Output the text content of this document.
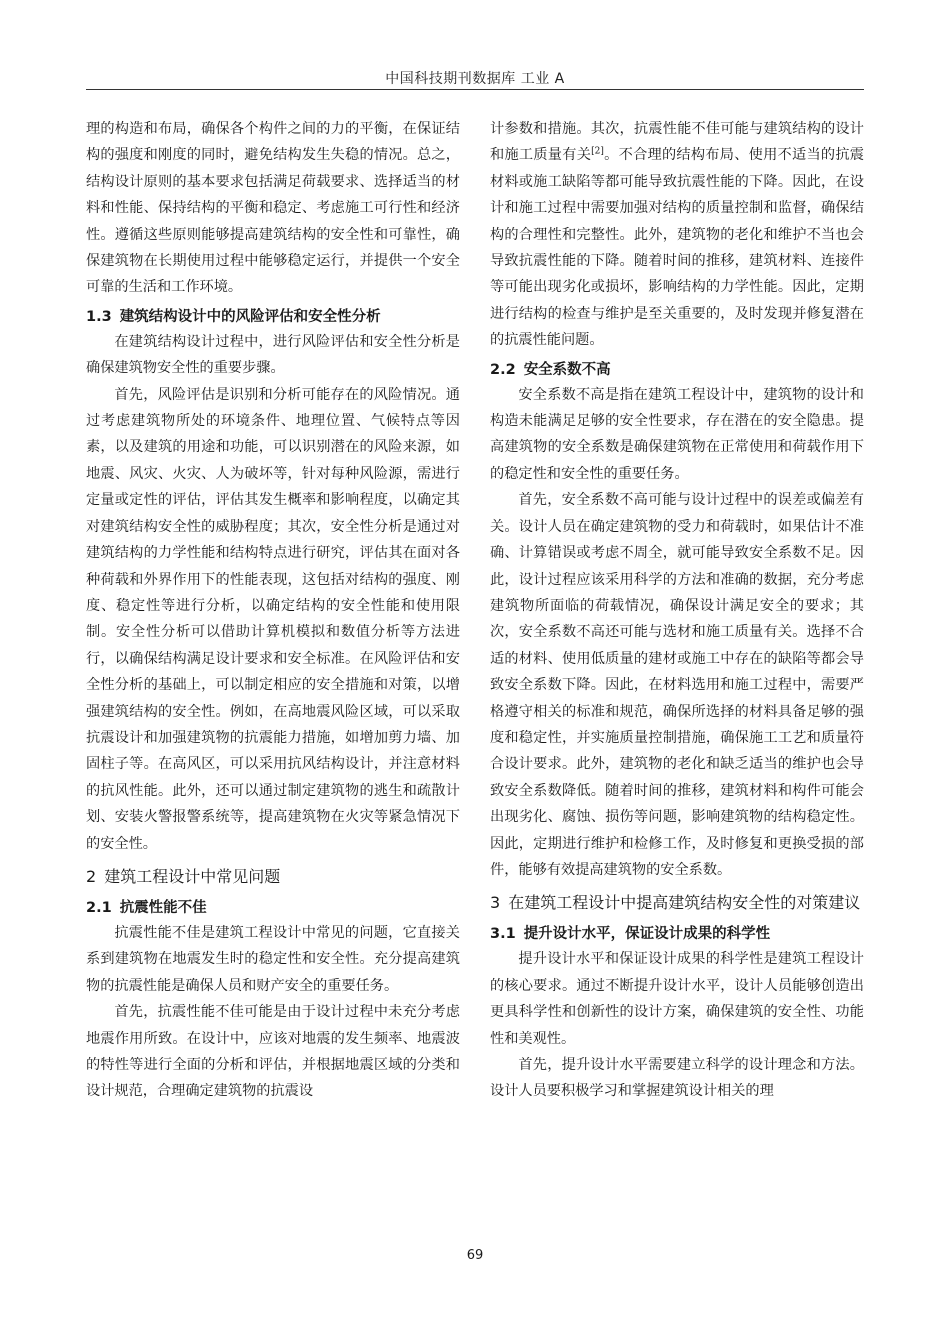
中国科技期刊数据库 工业 A

理的构造和布局，确保各个构件之间的力的平衡，在保证结构的强度和刚度的同时，避免结构发生失稳的情况。总之，结构设计原则的基本要求包括满足荷载要求、选择适当的材料和性能、保持结构的平衡和稳定、考虑施工可行性和经济性。遵循这些原则能够提高建筑结构的安全性和可靠性，确保建筑物在长期使用过程中能够稳定运行，并提供一个安全可靠的生活和工作环境。

1.3 建筑结构设计中的风险评估和安全性分析

在建筑结构设计过程中，进行风险评估和安全性分析是确保建筑物安全性的重要步骤。

首先，风险评估是识别和分析可能存在的风险情况。通过考虑建筑物所处的环境条件、地理位置、气候特点等因素，以及建筑的用途和功能，可以识别潜在的风险来源，如地震、风灾、火灾、人为破坏等，针对每种风险源，需进行定量或定性的评估，评估其发生概率和影响程度，以确定其对建筑结构安全性的威胁程度；其次，安全性分析是通过对建筑结构的力学性能和结构特点进行研究，评估其在面对各种荷载和外界作用下的性能表现，这包括对结构的强度、刚度、稳定性等进行分析，以确定结构的安全性能和使用限制。安全性分析可以借助计算机模拟和数值分析等方法进行，以确保结构满足设计要求和安全标准。在风险评估和安全性分析的基础上，可以制定相应的安全措施和对策，以增强建筑结构的安全性。例如，在高地震风险区域，可以采取抗震设计和加强建筑物的抗震能力措施，如增加剪力墙、加固柱子等。在高风区，可以采用抗风结构设计，并注意材料的抗风性能。此外，还可以通过制定建筑物的逃生和疏散计划、安装火警报警系统等，提高建筑物在火灾等紧急情况下的安全性。

2 建筑工程设计中常见问题
2.1 抗震性能不佳

抗震性能不佳是建筑工程设计中常见的问题，它直接关系到建筑物在地震发生时的稳定性和安全性。充分提高建筑物的抗震性能是确保人员和财产安全的重要任务。

首先，抗震性能不佳可能是由于设计过程中未充分考虑地震作用所致。在设计中，应该对地震的发生频率、地震波的特性等进行全面的分析和评估，并根据地震区域的分类和设计规范，合理确定建筑物的抗震设

计参数和措施。其次，抗震性能不佳可能与建筑结构的设计和施工质量有关[2]。不合理的结构布局、使用不适当的抗震材料或施工缺陷等都可能导致抗震性能的下降。因此，在设计和施工过程中需要加强对结构的质量控制和监督，确保结构的合理性和完整性。此外，建筑物的老化和维护不当也会导致抗震性能的下降。随着时间的推移，建筑材料、连接件等可能出现劣化或损坏，影响结构的力学性能。因此，定期进行结构的检查与维护是至关重要的，及时发现并修复潜在的抗震性能问题。

2.2 安全系数不高

安全系数不高是指在建筑工程设计中，建筑物的设计和构造未能满足足够的安全性要求，存在潜在的安全隐患。提高建筑物的安全系数是确保建筑物在正常使用和荷载作用下的稳定性和安全性的重要任务。

首先，安全系数不高可能与设计过程中的误差或偏差有关。设计人员在确定建筑物的受力和荷载时，如果估计不准确、计算错误或考虑不周全，就可能导致安全系数不足。因此，设计过程应该采用科学的方法和准确的数据，充分考虑建筑物所面临的荷载情况，确保设计满足安全的要求；其次，安全系数不高还可能与选材和施工质量有关。选择不合适的材料、使用低质量的建材或施工中存在的缺陷等都会导致安全系数下降。因此，在材料选用和施工过程中，需要严格遵守相关的标准和规范，确保所选择的材料具备足够的强度和稳定性，并实施质量控制措施，确保施工工艺和质量符合设计要求。此外，建筑物的老化和缺乏适当的维护也会导致安全系数降低。随着时间的推移，建筑材料和构件可能会出现劣化、腐蚀、损伤等问题，影响建筑物的结构稳定性。因此，定期进行维护和检修工作，及时修复和更换受损的部件，能够有效提高建筑物的安全系数。

3 在建筑工程设计中提高建筑结构安全性的对策建议
3.1 提升设计水平，保证设计成果的科学性

提升设计水平和保证设计成果的科学性是建筑工程设计的核心要求。通过不断提升设计水平，设计人员能够创造出更具科学性和创新性的设计方案，确保建筑的安全性、功能性和美观性。

首先，提升设计水平需要建立科学的设计理念和方法。设计人员要积极学习和掌握建筑设计相关的理

69
